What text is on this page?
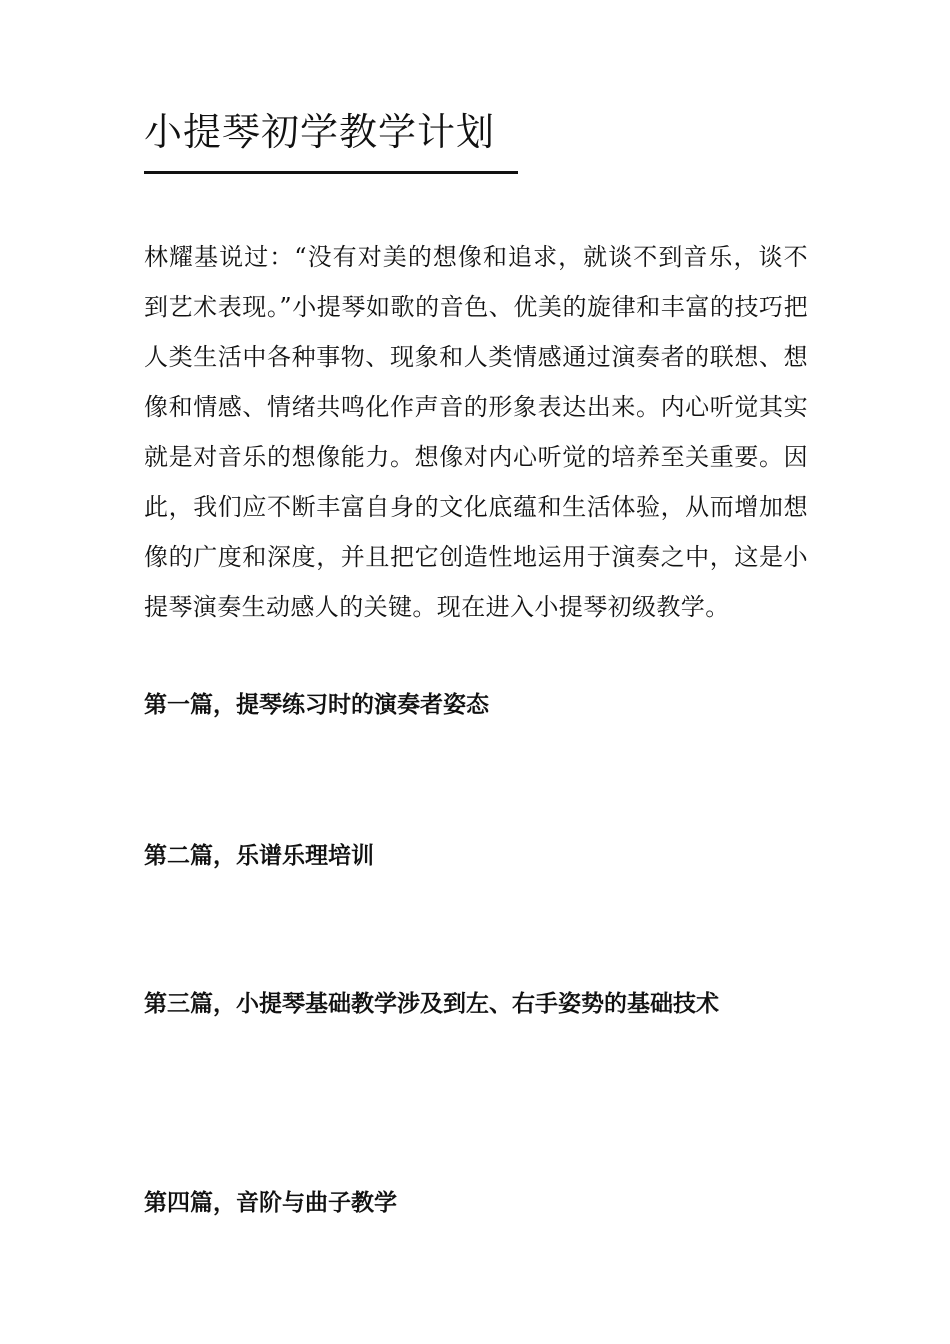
小提琴初学教学计划

林耀基说过：“没有对美的想像和追求，就谈不到音乐，谈不到艺术表现。”小提琴如歌的音色、优美的旋律和丰富的技巧把人类生活中各种事物、现象和人类情感通过演奏者的联想、想像和情感、情绪共鸣化作声音的形象表达出来。内心听觉其实就是对音乐的想像能力。想像对内心听觉的培养至关重要。因此，我们应不断丰富自身的文化底蕴和生活体验，从而增加想像的广度和深度，并且把它创造性地运用于演奏之中，这是小提琴演奏生动感人的关键。现在进入小提琴初级教学。

第一篇，提琴练习时的演奏者姿态

第二篇，乐谱乐理培训

第三篇，小提琴基础教学涉及到左、右手姿势的基础技术

第四篇，音阶与曲子教学
